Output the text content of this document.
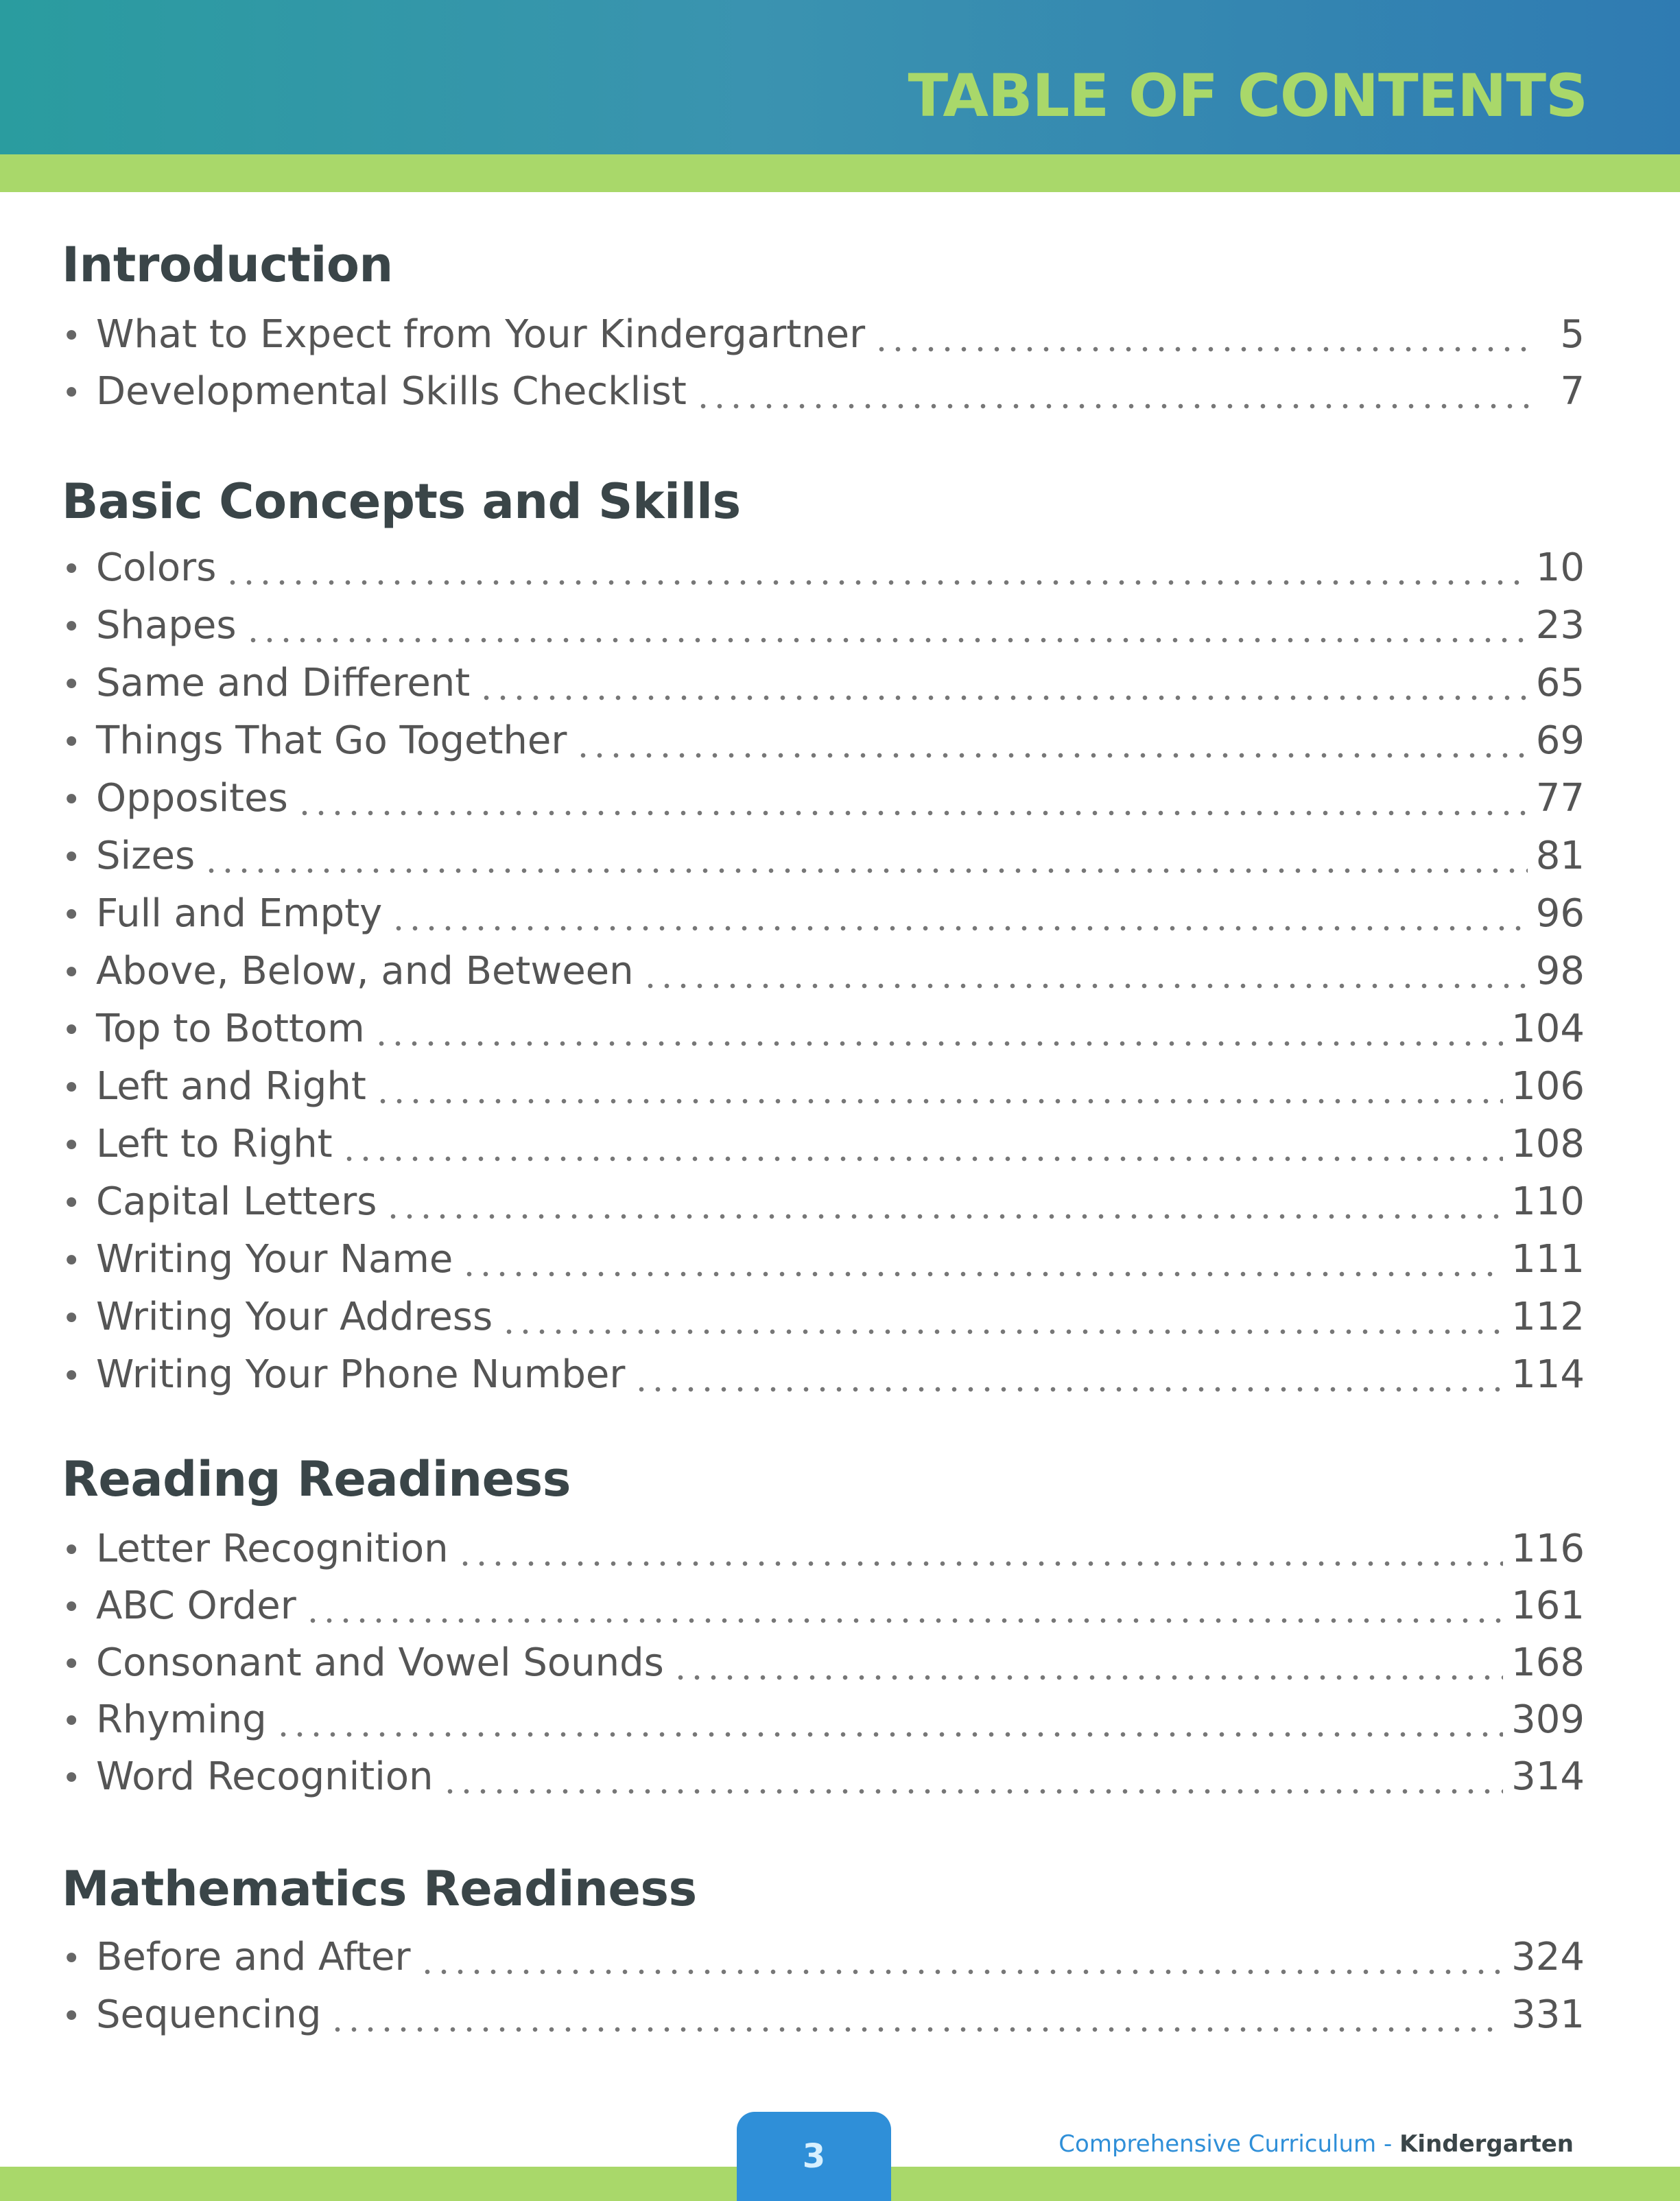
TABLE OF CONTENTS
Introduction
• What to Expect from Your Kindergartner	5
• Developmental Skills Checklist	7
Basic Concepts and Skills
• Colors	10
• Shapes	23
• Same and Different	65
• Things That Go Together	69
• Opposites	77
• Sizes	81
• Full and Empty	96
• Above, Below, and Between	98
• Top to Bottom	104
• Left and Right	106
• Left to Right	108
• Capital Letters	110
• Writing Your Name	111
• Writing Your Address	112
• Writing Your Phone Number	114
Reading Readiness
• Letter Recognition	116
• ABC Order	161
• Consonant and Vowel Sounds	168
• Rhyming	309
• Word Recognition	314
Mathematics Readiness
• Before and After	324
• Sequencing	331
3	Comprehensive Curriculum - Kindergarten
